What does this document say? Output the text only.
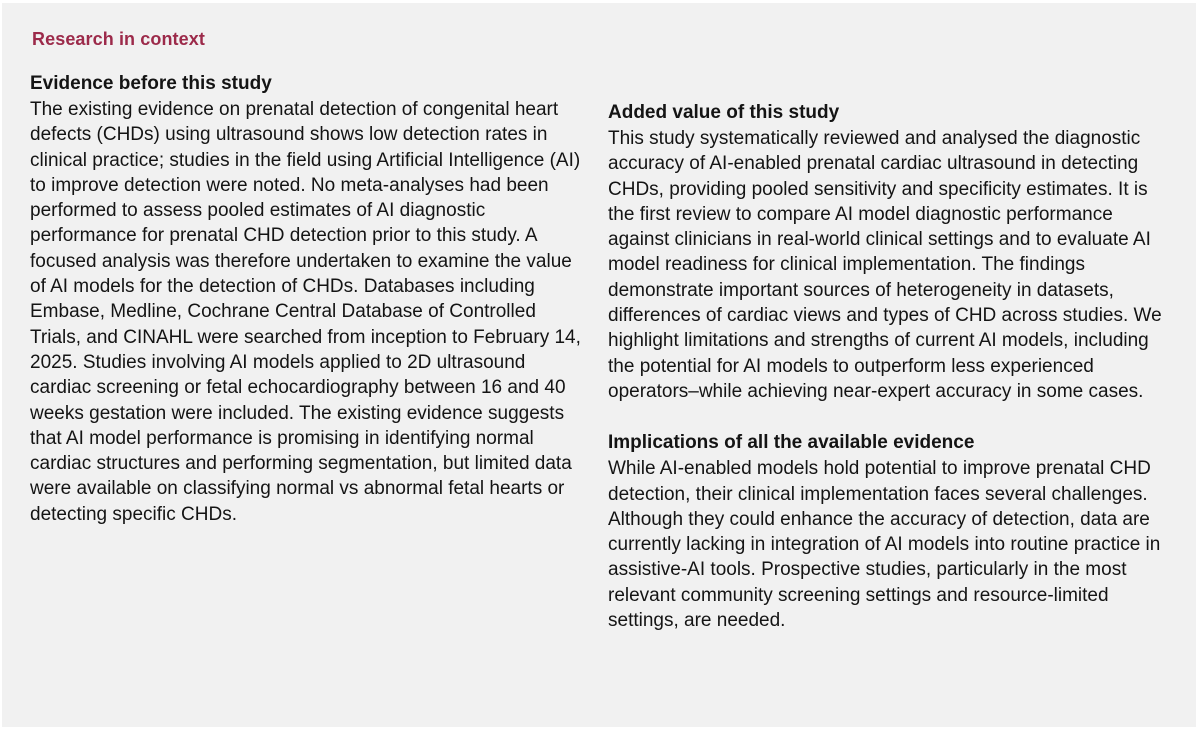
Research in context

Evidence before this study

The existing evidence on prenatal detection of congenital heart defects (CHDs) using ultrasound shows low detection rates in clinical practice; studies in the field using Artificial Intelligence (AI) to improve detection were noted. No meta-analyses had been performed to assess pooled estimates of AI diagnostic performance for prenatal CHD detection prior to this study. A focused analysis was therefore undertaken to examine the value of AI models for the detection of CHDs. Databases including Embase, Medline, Cochrane Central Database of Controlled Trials, and CINAHL were searched from inception to February 14, 2025. Studies involving AI models applied to 2D ultrasound cardiac screening or fetal echocardiography between 16 and 40 weeks gestation were included. The existing evidence suggests that AI model performance is promising in identifying normal cardiac structures and performing segmentation, but limited data were available on classifying normal vs abnormal fetal hearts or detecting specific CHDs.

Added value of this study

This study systematically reviewed and analysed the diagnostic accuracy of AI-enabled prenatal cardiac ultrasound in detecting CHDs, providing pooled sensitivity and specificity estimates. It is the first review to compare AI model diagnostic performance against clinicians in real-world clinical settings and to evaluate AI model readiness for clinical implementation. The findings demonstrate important sources of heterogeneity in datasets, differences of cardiac views and types of CHD across studies. We highlight limitations and strengths of current AI models, including the potential for AI models to outperform less experienced operators–while achieving near-expert accuracy in some cases.

Implications of all the available evidence

While AI-enabled models hold potential to improve prenatal CHD detection, their clinical implementation faces several challenges. Although they could enhance the accuracy of detection, data are currently lacking in integration of AI models into routine practice in assistive-AI tools. Prospective studies, particularly in the most relevant community screening settings and resource-limited settings, are needed.
